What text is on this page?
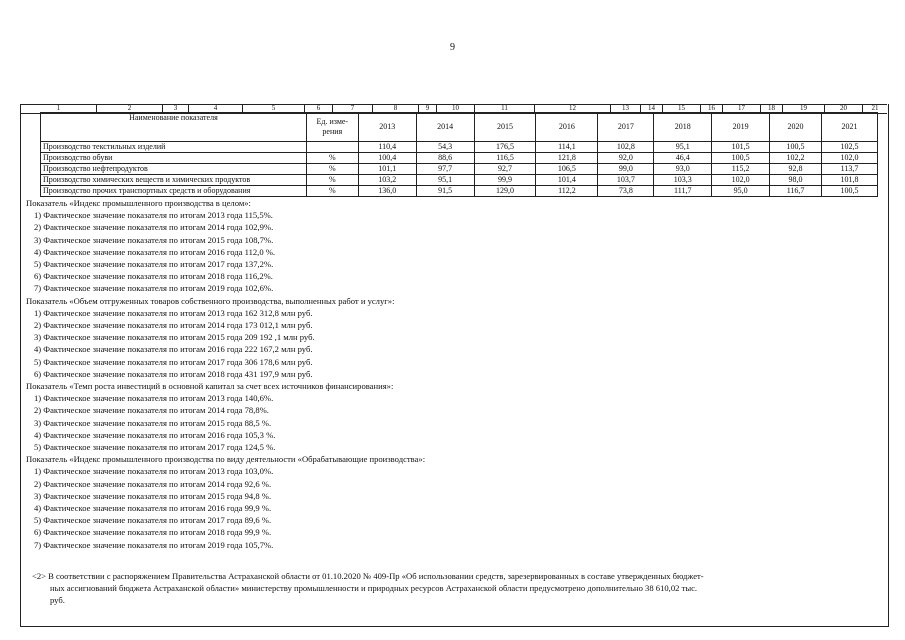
9
1	2	3	4	5	6	7	8	9	10	11	12	13	14	15	16	17	18	19	20	21
Наименование показателя	Ед. изме-рения	2013	2014	2015	2016	2017	2018	2019	2020	2021
Производство текстильных изделий		110,4	54,3	176,5	114,1	102,8	95,1	101,5	100,5	102,5
Производство обуви	%	100,4	88,6	116,5	121,8	92,0	46,4	100,5	102,2	102,0
Производство нефтепродуктов	%	101,1	97,7	92,7	106,5	99,0	93,0	115,2	92,8	113,7
Производство химических веществ и химических продуктов	%	103,2	95,1	99,9	101,4	103,7	103,3	102,0	98,0	101,8
Производство прочих транспортных средств и оборудования	%	136,0	91,5	129,0	112,2	73,8	111,7	95,0	116,7	100,5

Показатель «Индекс промышленного производства в целом»:

1) Фактическое значение показателя по итогам 2013 года 115,5%.

2) Фактическое значение показателя по итогам 2014 года 102,9%.

3) Фактическое значение показателя по итогам 2015 года 108,7%.

4) Фактическое значение показателя по итогам 2016 года 112,0 %.

5) Фактическое значение показателя по итогам 2017 года 137,2%.

6) Фактическое значение показателя по итогам 2018 года 116,2%.

7) Фактическое значение показателя по итогам 2019 года 102,6%.

Показатель «Объем отгруженных товаров собственного производства, выполненных работ и услуг»:

1) Фактическое значение показателя по итогам 2013 года 162 312,8 млн руб.

2) Фактическое значение показателя по итогам 2014 года 173 012,1 млн руб.

3) Фактическое значение показателя по итогам 2015 года 209 192 ,1 млн руб.

4) Фактическое значение показателя по итогам 2016 года 222 167,2 млн руб.

5) Фактическое значение показателя по итогам 2017 года 306 178,6 млн руб.

6) Фактическое значение показателя по итогам 2018 года 431 197,9 млн руб.

Показатель «Темп роста инвестиций в основной капитал за счет всех источников финансирования»:

1) Фактическое значение показателя по итогам 2013 года 140,6%.

2) Фактическое значение показателя по итогам 2014 года 78,8%.

3) Фактическое значение показателя по итогам 2015 года 88,5 %.

4) Фактическое значение показателя по итогам 2016 года 105,3 %.

5) Фактическое значение показателя по итогам 2017 года 124,5 %.

Показатель «Индекс промышленного производства по виду деятельности «Обрабатывающие производства»:

1) Фактическое значение показателя по итогам 2013 года 103,0%.

2) Фактическое значение показателя по итогам 2014 года 92,6 %.

3) Фактическое значение показателя по итогам 2015 года 94,8 %.

4) Фактическое значение показателя по итогам 2016 года 99,9 %.

5) Фактическое значение показателя по итогам 2017 года 89,6 %.

6) Фактическое значение показателя по итогам 2018 года 99,9 %.

7) Фактическое значение показателя по итогам 2019 года 105,7%.

<2> В соответствии с распоряжением Правительства Астраханской области от 01.10.2020 № 409-Пр «Об использовании средств, зарезервированных в составе утвержденных бюджет-
ных ассигнований бюджета Астраханской области» министерству промышленности и природных ресурсов Астраханской области предусмотрено дополнительно 38 610,02 тыс.
руб.
